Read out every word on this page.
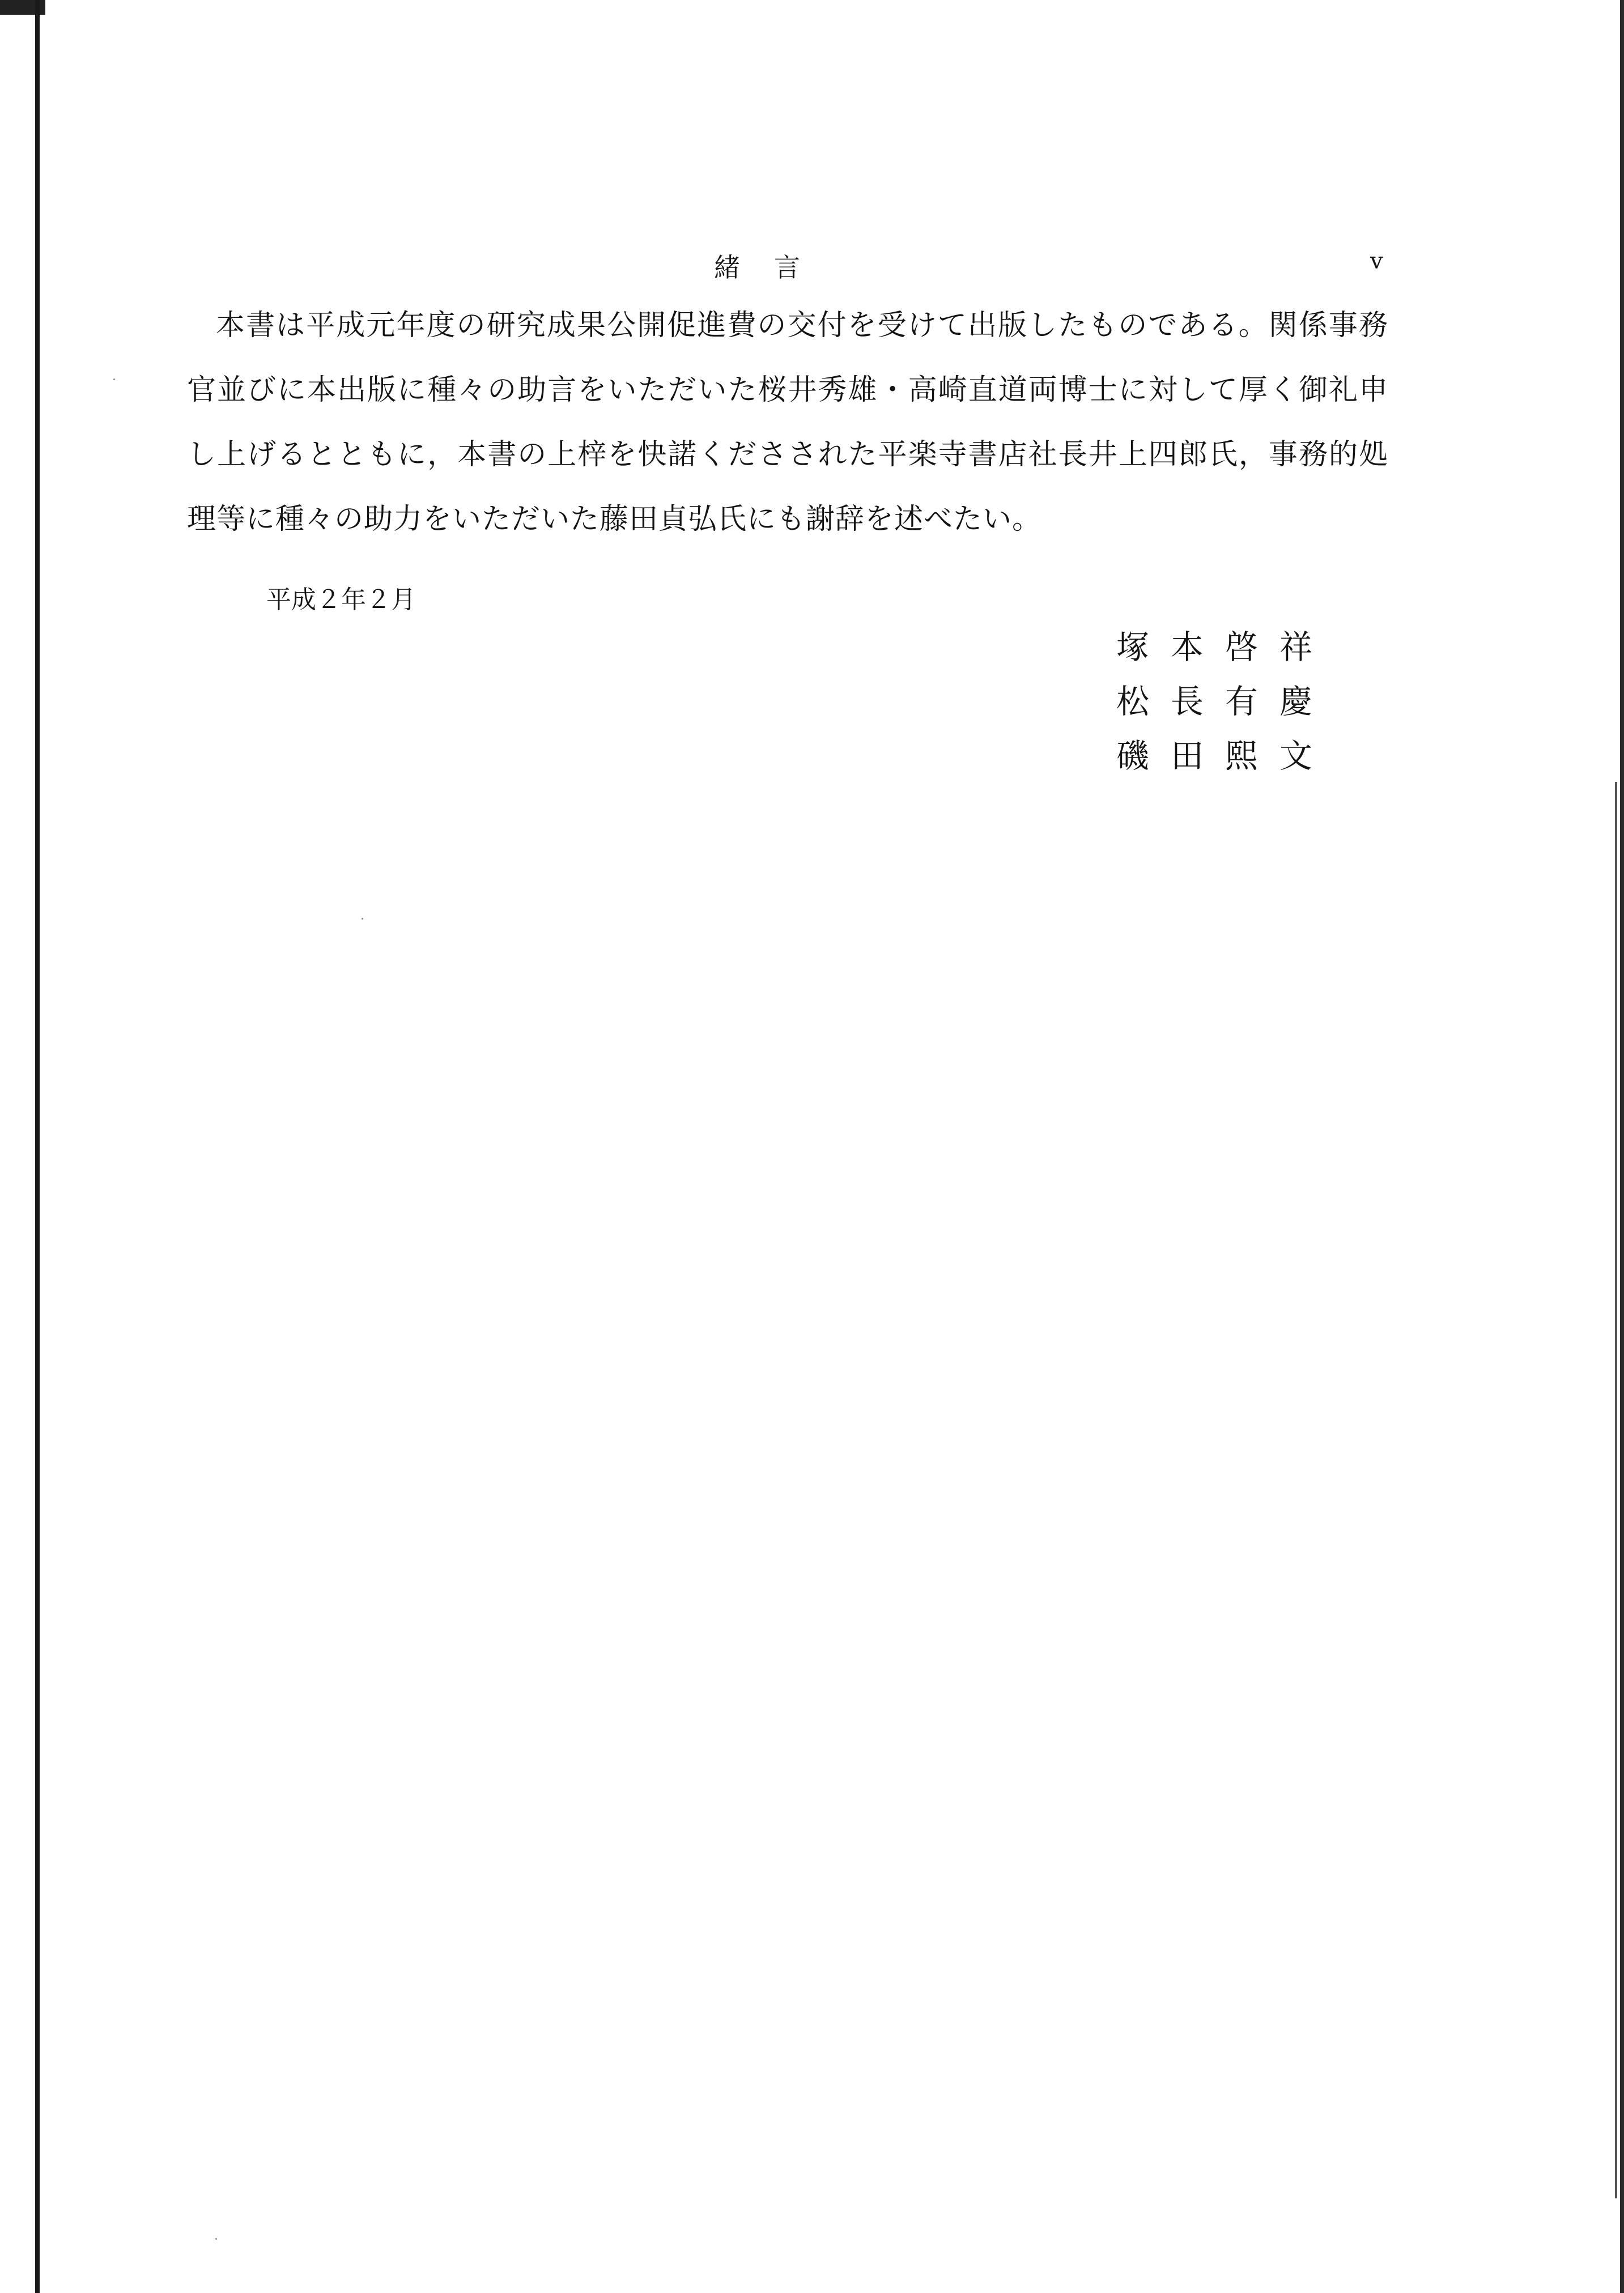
緒言	v

本書は平成元年度の研究成果公開促進費の交付を受けて出版したものである。関係事務官並びに本出版に種々の助言をいただいた桜井秀雄・高崎直道両博士に対して厚く御礼申し上げるとともに，本書の上梓を快諾くださされた平楽寺書店社長井上四郎氏，事務的処理等に種々の助力をいただいた藤田貞弘氏にも謝辞を述べたい。

平成２年２月
塚本啓祥
松長有慶
磯田熙文
